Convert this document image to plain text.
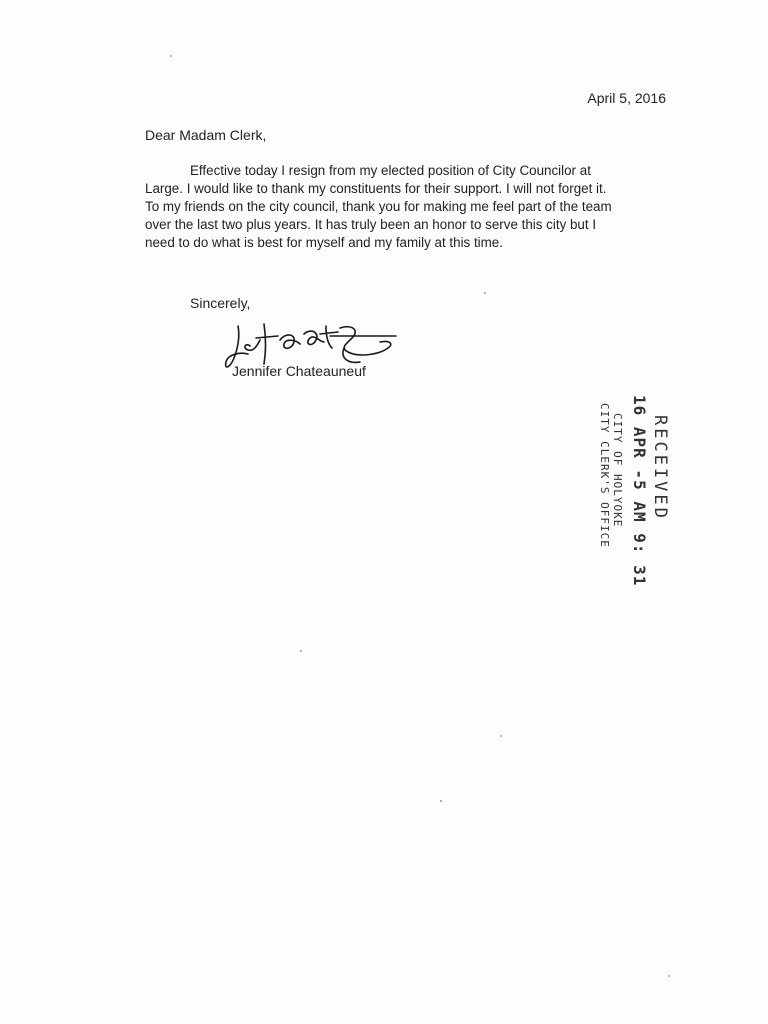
April 5, 2016
Dear Madam Clerk,
Effective today I resign from my elected position of City Councilor at
Large. I would like to thank my constituents for their support. I will not forget it.
To my friends on the city council, thank you for making me feel part of the team
over the last two plus years. It has truly been an honor to serve this city but I
need to do what is best for myself and my family at this time.
Sincerely,
Jennifer Chateauneuf
RECEIVED
16 APR -5 AM 9: 31
CITY OF HOLYOKE
CITY CLERK'S OFFICE
